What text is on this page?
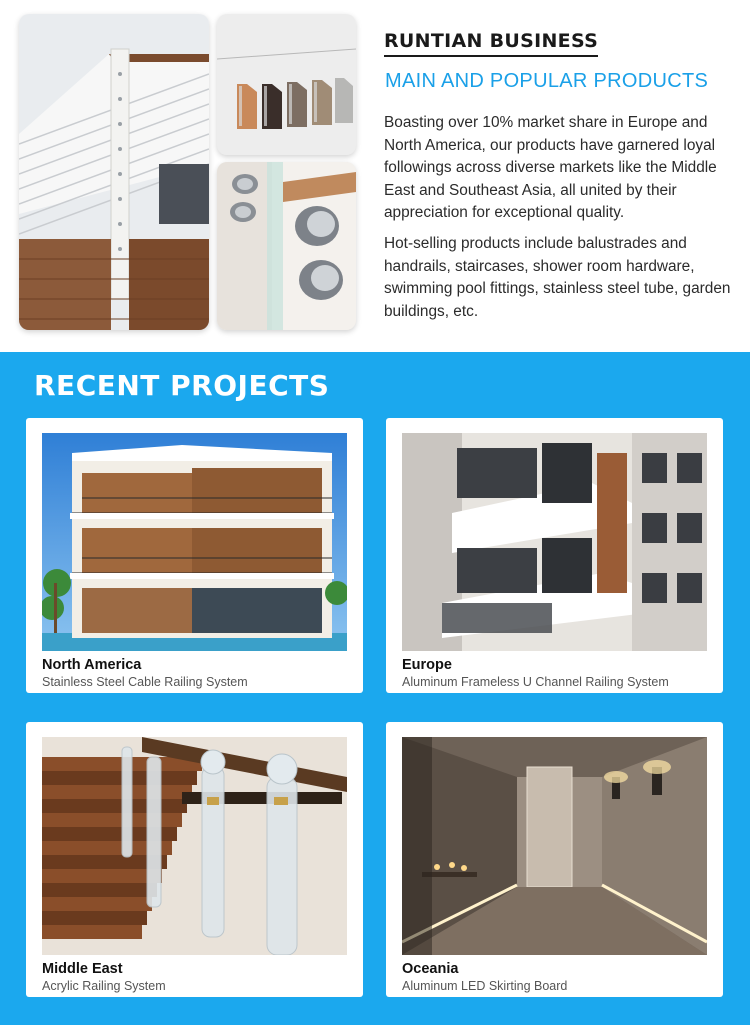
RUNTIAN BUSINESS
MAIN AND POPULAR PRODUCTS
Boasting over 10% market share in Europe and North America, our products have garnered loyal followings across diverse markets like the Middle East and Southeast Asia, all united by their appreciation for exceptional quality.
Hot-selling products include balustrades and handrails, staircases, shower room hardware, swimming pool fittings, stainless steel tube, garden buildings, etc.
RECENT PROJECTS
North America
Stainless Steel Cable Railing System
Europe
Aluminum Frameless U Channel Railing System
Middle East
Acrylic Railing System
Oceania
Aluminum LED Skirting Board
